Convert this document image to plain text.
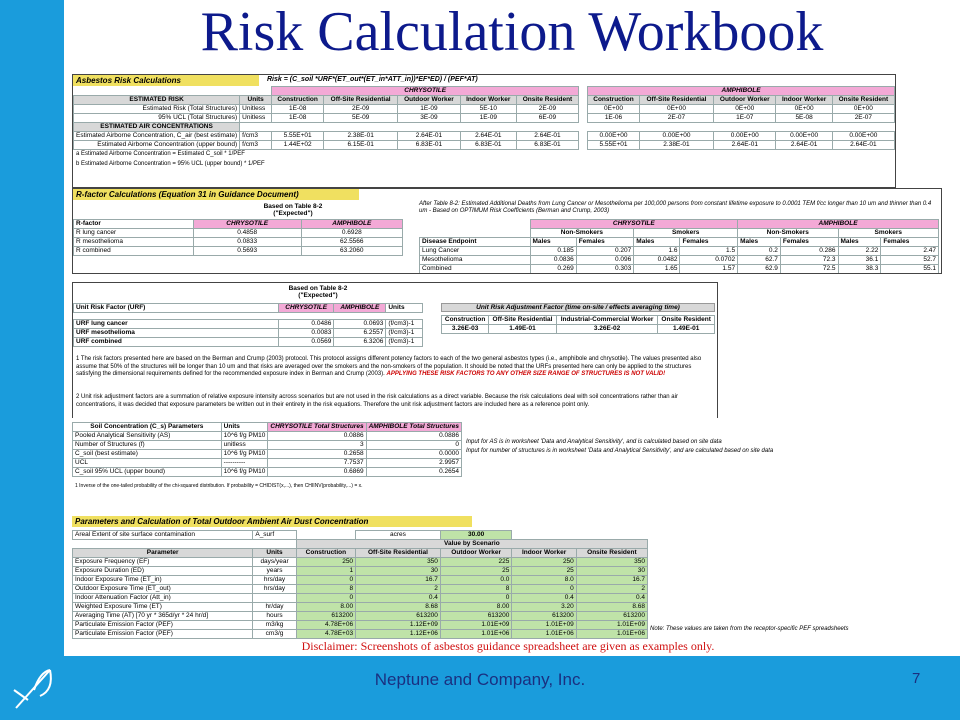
Neptune and Company, Inc.	7
Risk Calculation Workbook
Asbestos Risk Calculations	Risk = (C_soil *URF*(ET_out*(ET_in*ATT_in))*EF*ED) / (PEF*AT)
		CHRYSOTILE						AMPHIBOLE				
ESTIMATED RISK	Units	Construction	Off-Site Residential	Outdoor Worker	Indoor Worker	Onsite Resident		Construction	Off-Site Residential	Outdoor Worker	Indoor Worker	Onsite Resident
Estimated Risk (Total Structures)	Unitless	1E-08	2E-09	1E-09	5E-10	2E-09		0E+00	0E+00	0E+00	0E+00	0E+00
95% UCL (Total Structures)	Unitless	1E-08	5E-09	3E-09	1E-09	6E-09		1E-06	2E-07	1E-07	5E-08	2E-07
ESTIMATED AIR CONCENTRATIONS												
Estimated Airborne Concentration, C_air (best estimate)	f/cm3	5.55E+01	2.38E-01	2.64E-01	2.64E-01	2.64E-01		0.00E+00	0.00E+00	0.00E+00	0.00E+00	0.00E+00
Estimated Airborne Concentration (upper bound)	f/cm3	1.44E+02	6.15E-01	6.83E-01	6.83E-01	6.83E-01		5.55E+01	2.38E-01	2.64E-01	2.64E-01	2.64E-01
a Estimated Airborne Concentration = Estimated C_soil * 1/PEF
b Estimated Airborne Concentration = 95% UCL (upper bound) * 1/PEF
R-factor Calculations (Equation 31 in Guidance Document)
Based on Table 8-2 ("Expected")
R-factor	CHRYSOTILE	AMPHIBOLE
R lung cancer	0.4858	0.6928
R mesothelioma	0.0833	62.5566
R combined	0.5693	63.2060
After Table 8-2: Estimated Additional Deaths from Lung Cancer or Mesothelioma per 100,000 persons from constant lifetime exposure to 0.0001 TEM f/cc longer than 10 um and thinner than 0.4 um - Based on OPTIMUM Risk Coefficients (Berman and Crump, 2003)
	CHRYSOTILE				AMPHIBOLE			
	Non-Smokers		Smokers		Non-Smokers		Smokers	
Disease Endpoint	Males	Females	Males	Females	Males	Females	Males	Females
Lung Cancer	0.185	0.207	1.6	1.5	0.2	0.286	2.22	2.47
Mesothelioma	0.0836	0.096	0.0482	0.0702	62.7	72.3	36.1	52.7
Combined	0.269	0.303	1.65	1.57	62.9	72.5	38.3	55.1
Based on Table 8-2 ("Expected")
Unit Risk Factor (URF)	CHRYSOTILE	AMPHIBOLE	Units

URF lung cancer	0.0486	0.0693	(f/cm3)-1
URF mesothelioma	0.0083	6.2557	(f/cm3)-1
URF combined	0.0569	6.3206	(f/cm3)-1
Unit Risk Adjustment Factor (time on-site / effects averaging time)
Construction	Off-Site Residential	Industrial-Commercial Worker	Onsite Resident
3.26E-03	1.49E-01	3.26E-02	1.49E-01
1 The risk factors presented here are based on the Berman and Crump (2003) protocol. This protocol assigns different potency factors to each of the two general asbestos types (i.e., amphibole and chrysotile). The values presented also assume that 50% of the structures will be longer than 10 um and that risks are averaged over the smokers and the non-smokers of the population. It should be noted that the URFs presented here can only be applied to the structures satisfying the dimensional requirements defined for the recommended exposure index in Berman and Crump (2003). APPLYING THESE RISK FACTORS TO ANY OTHER SIZE RANGE OF STRUCTURES IS NOT VALID!
2 Unit risk adjustment factors are a summation of relative exposure intensity across scenarios but are not used in the risk calculations as a direct variable. Because the risk calculations deal with soil concentrations rather than air concentrations, it was decided that exposure parameters be written out in their entirety in the risk equations. Therefore the unit risk adjustment factors are included here as a reference point only.
Soil Concentration (C_s) Parameters	Units	CHRYSOTILE Total Structures	AMPHIBOLE Total Structures
Pooled Analytical Sensitivity (AS)	10^6 f/g PM10	0.0886	0.0886
Number of Structures (f)	unitless	3	0
C_soil (best estimate)	10^6 f/g PM10	0.2658	0.0000
UCL	----------	7.7537	2.9957
C_soil 95% UCL (upper bound)	10^6 f/g PM10	0.6869	0.2654
Input for AS is in worksheet 'Data and Analytical Sensitivity', and is calculated based on site data
Input for number of structures is in worksheet 'Data and Analytical Sensitivity', and are calculated based on site data
1 Inverse of the one-tailed probability of the chi-squared distribution. If probability = CHIDIST(x,...), then CHIINV(probability,...) = x.
Parameters and Calculation of Total Outdoor Ambient Air Dust Concentration
Areal Extent of site surface contamination	A_surf		acres	30.00		
		Value by Scenario				
Parameter	Units	Construction	Off-Site Residential	Outdoor Worker	Indoor Worker	Onsite Resident
Exposure Frequency (EF)	days/year	250	350	225	250	350
Exposure Duration (ED)	years	1	30	25	25	30
Indoor Exposure Time (ET_in)	hrs/day	0	16.7	0.0	8.0	16.7
Outdoor Exposure Time (ET_out)	hrs/day	8	2	8	0	2
Indoor Attenuation Factor (Att_in)		0	0.4	0	0.4	0.4
Weighted Exposure Time (ET)	hr/day	8.00	8.68	8.00	3.20	8.68
Averaging Time (AT) [70 yr * 365d/yr * 24 hr/d]	hours	613200	613200	613200	613200	613200
Particulate Emission Factor (PEF)	m3/kg	4.78E+06	1.12E+09	1.01E+09	1.01E+09	1.01E+09
Particulate Emission Factor (PEF)	cm3/g	4.78E+03	1.12E+06	1.01E+06	1.01E+06	1.01E+06
Note: These values are taken from the receptor-specific PEF spreadsheets
Disclaimer: Screenshots of asbestos guidance spreadsheet are given as examples only.
